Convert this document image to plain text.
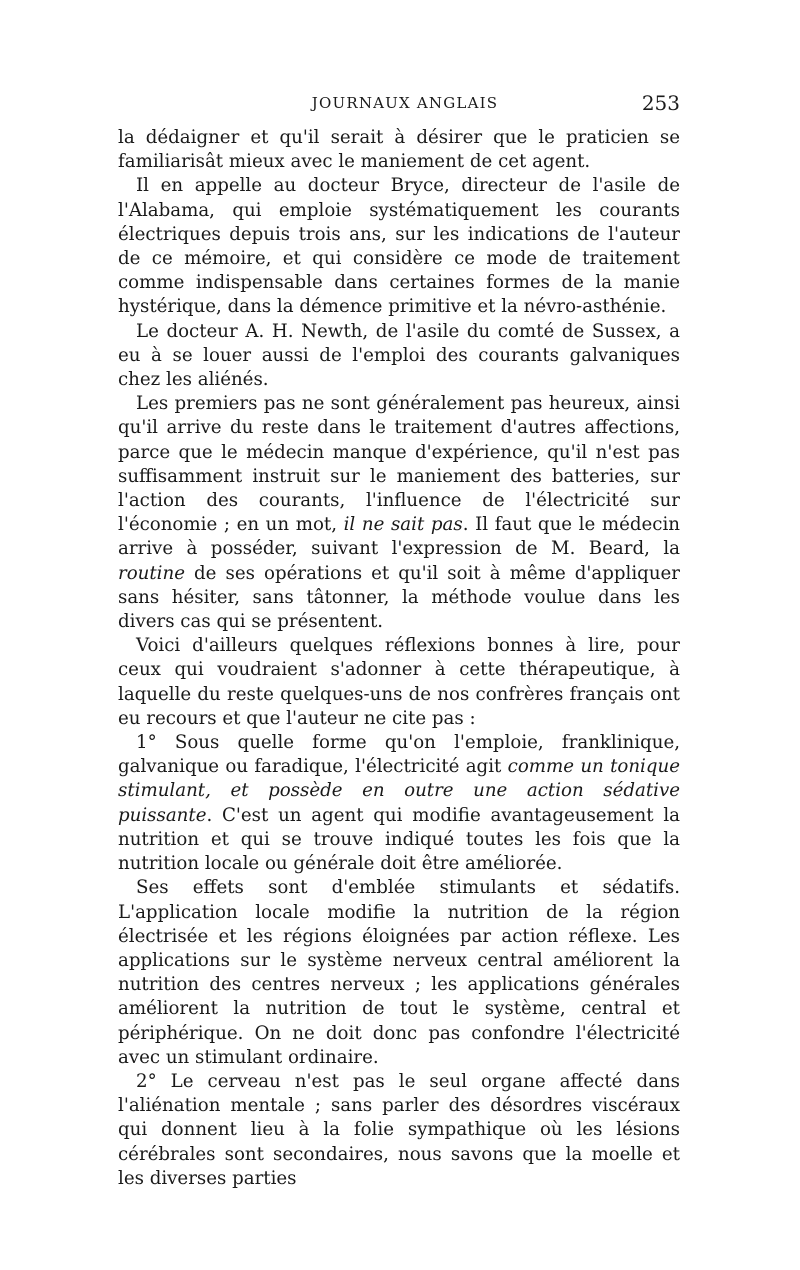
JOURNAUX ANGLAIS	253

la dédaigner et qu'il serait à désirer que le praticien se familiarisât mieux avec le maniement de cet agent.

Il en appelle au docteur Bryce, directeur de l'asile de l'Alabama, qui emploie systématiquement les courants électriques depuis trois ans, sur les indications de l'auteur de ce mémoire, et qui considère ce mode de traitement comme indispensable dans certaines formes de la manie hystérique, dans la démence primitive et la névro-asthénie.

Le docteur A. H. Newth, de l'asile du comté de Sussex, a eu à se louer aussi de l'emploi des courants galvaniques chez les aliénés.

Les premiers pas ne sont généralement pas heureux, ainsi qu'il arrive du reste dans le traitement d'autres affections, parce que le médecin manque d'expérience, qu'il n'est pas suffisamment instruit sur le maniement des batteries, sur l'action des courants, l'influence de l'électricité sur l'économie ; en un mot, il ne sait pas. Il faut que le médecin arrive à posséder, suivant l'expression de M. Beard, la routine de ses opérations et qu'il soit à même d'appliquer sans hésiter, sans tâtonner, la méthode voulue dans les divers cas qui se présentent.

Voici d'ailleurs quelques réflexions bonnes à lire, pour ceux qui voudraient s'adonner à cette thérapeutique, à laquelle du reste quelques-uns de nos confrères français ont eu recours et que l'auteur ne cite pas :

1° Sous quelle forme qu'on l'emploie, franklinique, galvanique ou faradique, l'électricité agit comme un tonique stimulant, et possède en outre une action sédative puissante. C'est un agent qui modifie avantageusement la nutrition et qui se trouve indiqué toutes les fois que la nutrition locale ou générale doit être améliorée.

Ses effets sont d'emblée stimulants et sédatifs. L'application locale modifie la nutrition de la région électrisée et les régions éloignées par action réflexe. Les applications sur le système nerveux central améliorent la nutrition des centres nerveux ; les applications générales améliorent la nutrition de tout le système, central et périphérique. On ne doit donc pas confondre l'électricité avec un stimulant ordinaire.

2° Le cerveau n'est pas le seul organe affecté dans l'aliénation mentale ; sans parler des désordres viscéraux qui donnent lieu à la folie sympathique où les lésions cérébrales sont secondaires, nous savons que la moelle et les diverses parties
